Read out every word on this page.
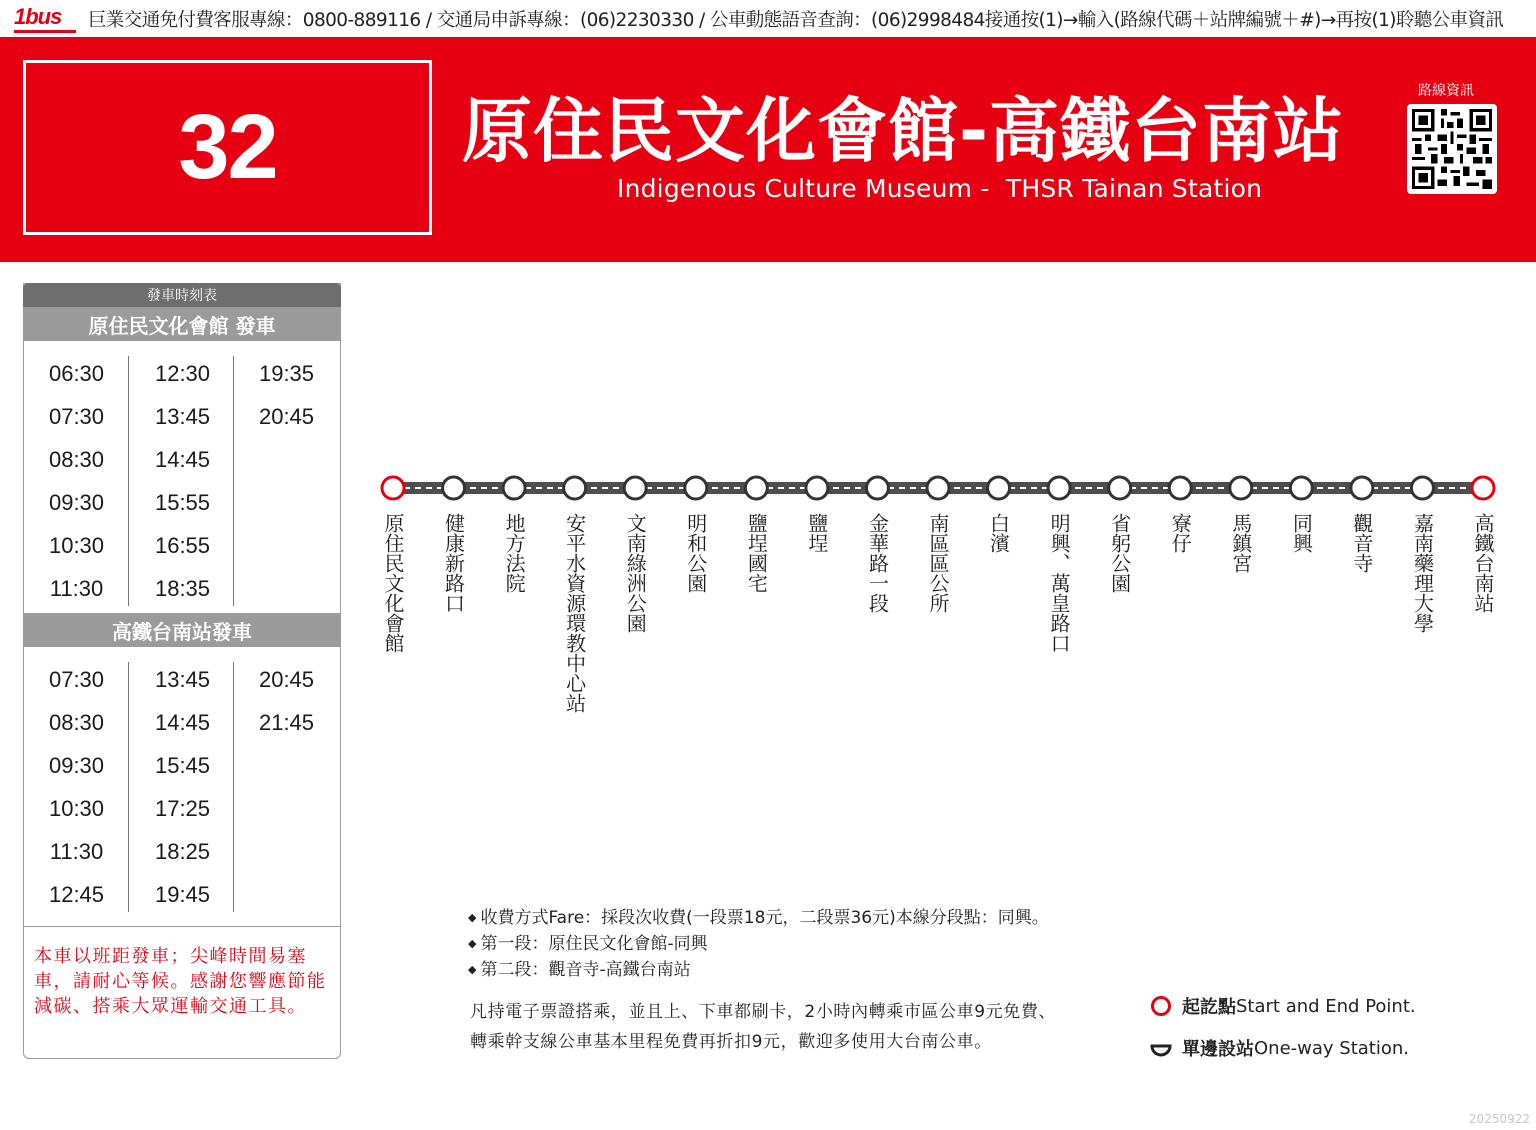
1bus	巨業交通免付費客服專線：0800-889116 / 交通局申訴專線：(06)2230330 / 公車動態語音查詢：(06)2998484接通按(1)→輸入(路線代碼＋站牌編號＋#)→再按(1)聆聽公車資訊
32	原住民文化會館-高鐵台南站
Indigenous Culture Museum -  THSR Tainan Station
路線資訊
發車時刻表
原住民文化會館 發車
06:30
07:30
08:30
09:30
10:30
11:30
12:30
13:45
14:45
15:55
16:55
18:35
19:35
20:45
高鐵台南站發車
07:30
08:30
09:30
10:30
11:30
12:45
13:45
14:45
15:45
17:25
18:25
19:45
20:45
21:45
本車以班距發車；尖峰時間易塞車，請耐心等候。感謝您響應節能減碳、搭乘大眾運輸交通工具。
原住民文化會館 健康新路口 地方法院 安平水資源環教中心站 文南綠洲公園 明和公園 鹽埕國宅 鹽埕 金華路一段 南區區公所 白濱 明興、萬皇路口 省躬公園 寮仔 馬鎮宮 同興 觀音寺 嘉南藥理大學 高鐵台南站

◆ 收費方式Fare：採段次收費(一段票18元，二段票36元)本線分段點：同興。

◆ 第一段：原住民文化會館-同興

◆ 第二段：觀音寺-高鐵台南站

凡持電子票證搭乘，並且上、下車都刷卡，2小時內轉乘市區公車9元免費、

轉乘幹支線公車基本里程免費再折扣9元，歡迎多使用大台南公車。

起訖點 Start and End Point.
單邊設站 One-way Station.
20250922
